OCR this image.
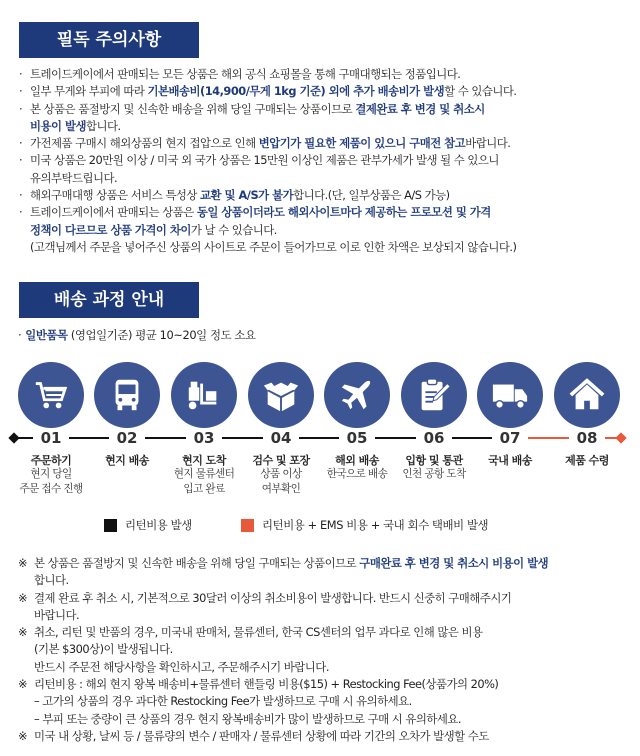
필독 주의사항
· 트레이드케이에서 판매되는 모든 상품은 해외 공식 쇼핑몰을 통해 구매대행되는 정품입니다.
· 일부 무게와 부피에 따라 기본배송비(14,900/무게 1kg 기준) 외에 추가 배송비가 발생할 수 있습니다.
· 본 상품은 품절방지 및 신속한 배송을 위해 당일 구매되는 상품이므로 결제완료 후 변경 및 취소시
비용이 발생합니다.
· 가전제품 구매시 해외상품의 현지 접압으로 인해 변압기가 필요한 제품이 있으니 구매전 참고바랍니다.
· 미국 상품은 20만원 이상 / 미국 외 국가 상품은 15만원 이상인 제품은 관부가세가 발생 될 수 있으니
유의부탁드립니다.
· 해외구매대행 상품은 서비스 특성상 교환 및 A/S가 불가합니다.(단, 일부상품은 A/S 가능)
· 트레이드케이에서 판매되는 상품은 동일 상품이더라도 해외사이트마다 제공하는 프로모션 및 가격
정책이 다르므로 상품 가격이 차이가 날 수 있습니다.
(고객님께서 주문을 넣어주신 상품의 사이트로 주문이 들어가므로 이로 인한 차액은 보상되지 않습니다.)
배송 과정 안내
· 일반품목 (영업일기준) 평균 10~20일 정도 소요
리턴비용 발생	리턴비용 + EMS 비용 + 국내 회수 택배비 발생
※ 본 상품은 품절방지 및 신속한 배송을 위해 당일 구매되는 상품이므로 구매완료 후 변경 및 취소시 비용이 발생
합니다.
※ 결제 완료 후 취소 시, 기본적으로 30달러 이상의 취소비용이 발생합니다. 반드시 신중히 구매해주시기
바랍니다.
※ 취소, 리턴 및 반품의 경우, 미국내 판매처, 물류센터, 한국 CS센터의 업무 과다로 인해 많은 비용
(기본 $300상)이 발생됩니다.
반드시 주문전 해당사항을 확인하시고, 주문해주시기 바랍니다.
※ 리턴비용 : 해외 현지 왕복 배송비+물류센터 핸들링 비용($15) + Restocking Fee(상품가의 20%)
– 고가의 상품의 경우 과다한 Restocking Fee가 발생하므로 구매 시 유의하세요.
– 부피 또는 중량이 큰 상품의 경우 현지 왕복배송비가 많이 발생하므로 구매 시 유의하세요.
※ 미국 내 상황, 날씨 등 / 물류량의 변수 / 판매자 / 물류센터 상황에 따라 기간의 오차가 발생할 수도
01
주문하기
현지 당일
주문 접수 진행
02
현지 배송
03
현지 도착
현지 물류센터
입고 완료
04
검수 및 포장
상품 이상
여부확인
05
해외 배송
한국으로 배송
06
입항 및 통관
인천 공항 도착
07
국내 배송
08
제품 수령
